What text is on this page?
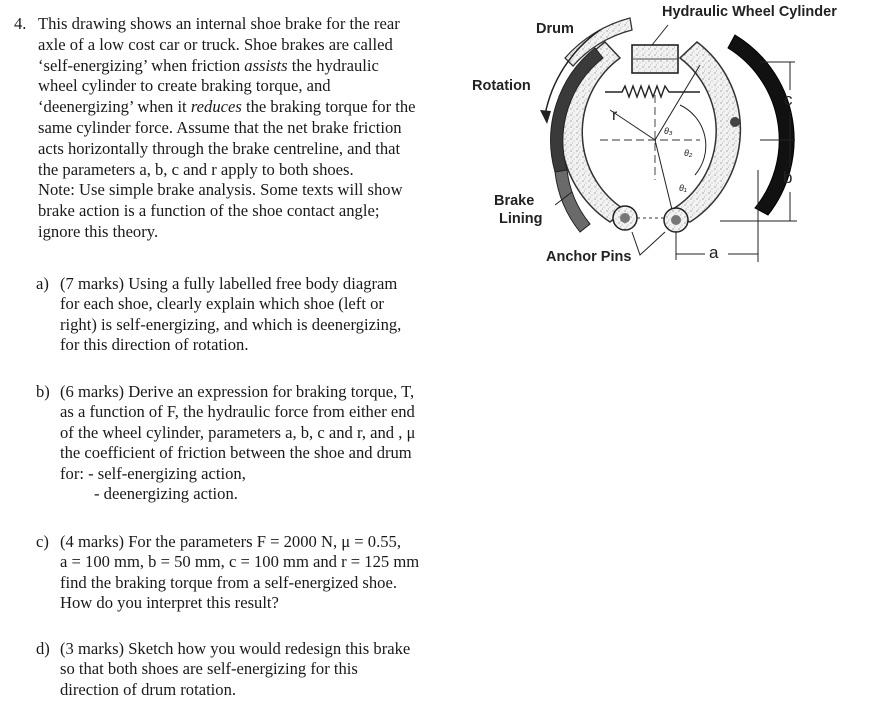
4. This drawing shows an internal shoe brake for the rear
axle of a low cost car or truck. Shoe brakes are called
‘self-energizing’ when friction assists the hydraulic
wheel cylinder to create braking torque, and
‘deenergizing’ when it reduces the braking torque for the
same cylinder force. Assume that the net brake friction
acts horizontally through the brake centreline, and that
the parameters a, b, c and r apply to both shoes.
Note: Use simple brake analysis. Some texts will show
brake action is a function of the shoe contact angle;
ignore this theory.
a) (7 marks) Using a fully labelled free body diagram
for each shoe, clearly explain which shoe (left or
right) is self-energizing, and which is deenergizing,
for this direction of rotation.
b) (6 marks) Derive an expression for braking torque, T,
as a function of F, the hydraulic force from either end
of the wheel cylinder, parameters a, b, c and r, and , μ
the coefficient of friction between the shoe and drum
for: - self-energizing action,
- deenergizing action.
c) (4 marks) For the parameters F = 2000 N, μ = 0.55,
a = 100 mm, b = 50 mm, c = 100 mm and r = 125 mm
find the braking torque from a self-energized shoe.
How do you interpret this result?
d) (3 marks) Sketch how you would redesign this brake
so that both shoes are self-energizing for this
direction of drum rotation.
Hydraulic Wheel Cylinder
Drum
Rotation
Brake
Lining
Anchor Pins	a
b
c
r
θ₃
θ₂
θ₁
